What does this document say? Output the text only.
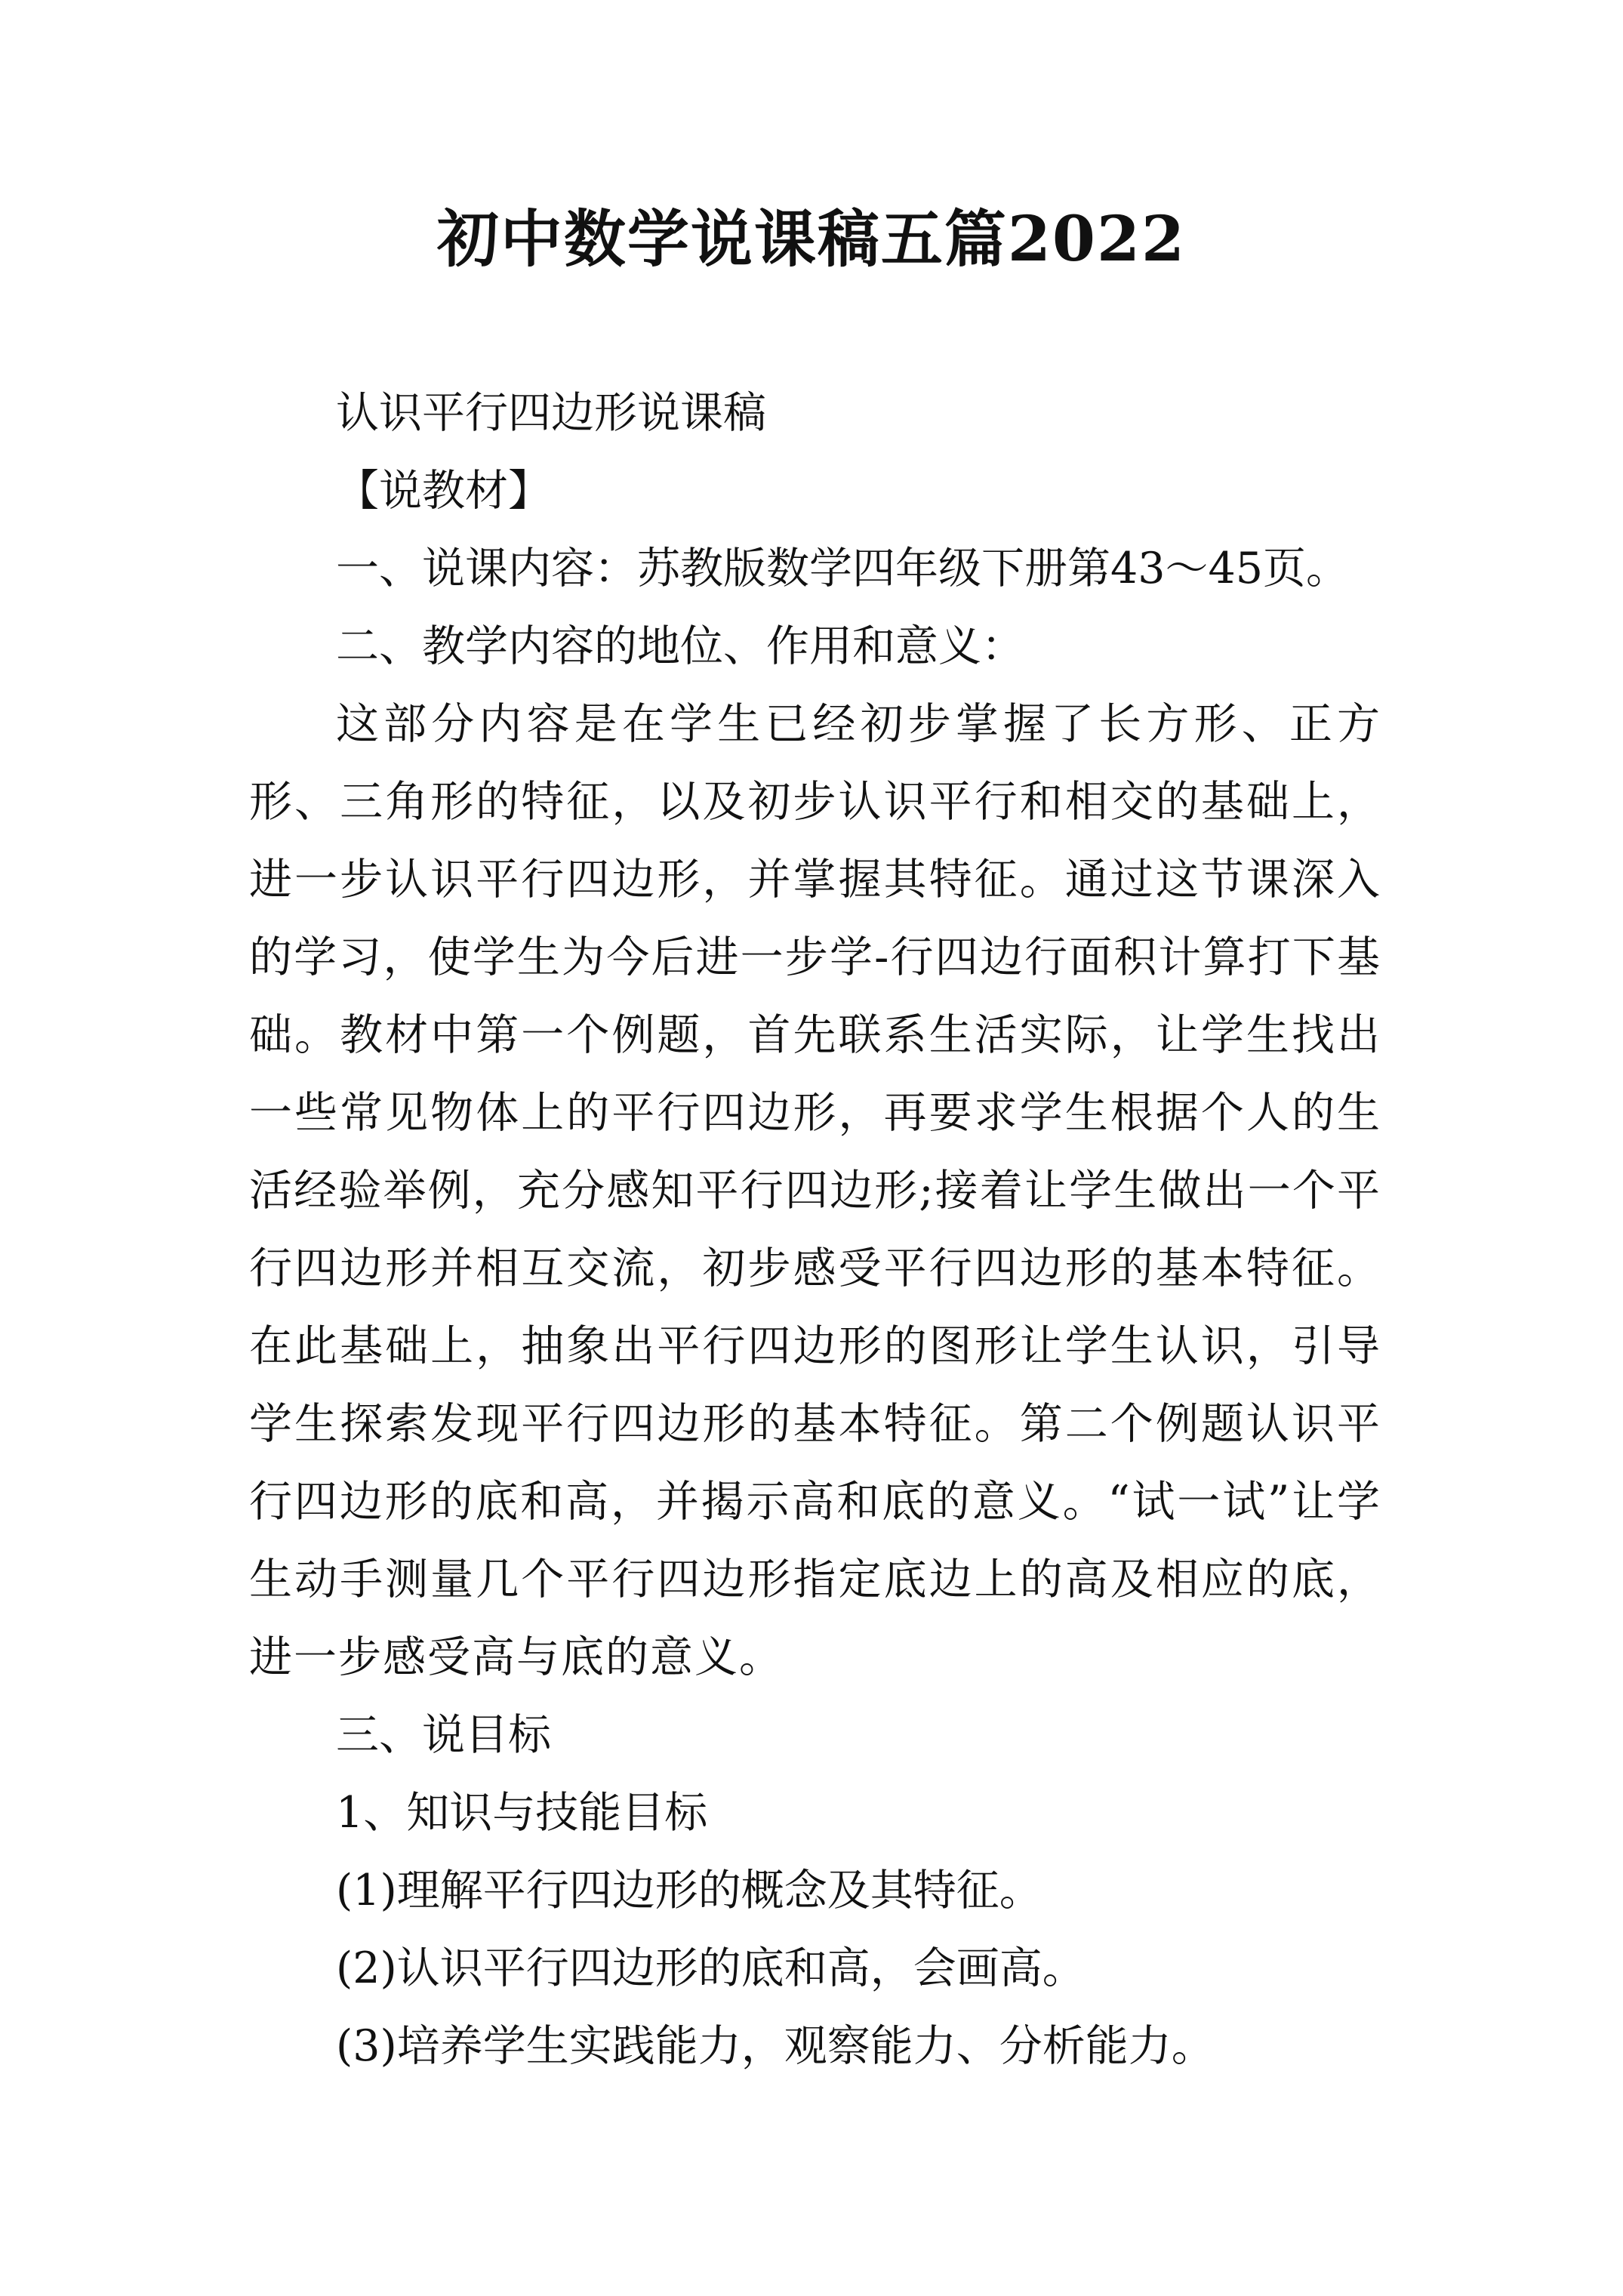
初中数学说课稿五篇2022

认识平行四边形说课稿

【说教材】

一、说课内容：苏教版数学四年级下册第43～45页。

二、教学内容的地位、作用和意义：

这部分内容是在学生已经初步掌握了长方形、正方形、三角形的特征，以及初步认识平行和相交的基础上，进一步认识平行四边形，并掌握其特征。通过这节课深入的学习，使学生为今后进一步学-行四边行面积计算打下基础。教材中第一个例题，首先联系生活实际，让学生找出一些常见物体上的平行四边形，再要求学生根据个人的生活经验举例，充分感知平行四边形;接着让学生做出一个平行四边形并相互交流，初步感受平行四边形的基本特征。在此基础上，抽象出平行四边形的图形让学生认识，引导学生探索发现平行四边形的基本特征。第二个例题认识平行四边形的底和高，并揭示高和底的意义。“试一试”让学生动手测量几个平行四边形指定底边上的高及相应的底，进一步感受高与底的意义。

三、说目标

1、知识与技能目标

(1)理解平行四边形的概念及其特征。

(2)认识平行四边形的底和高，会画高。

(3)培养学生实践能力，观察能力、分析能力。
